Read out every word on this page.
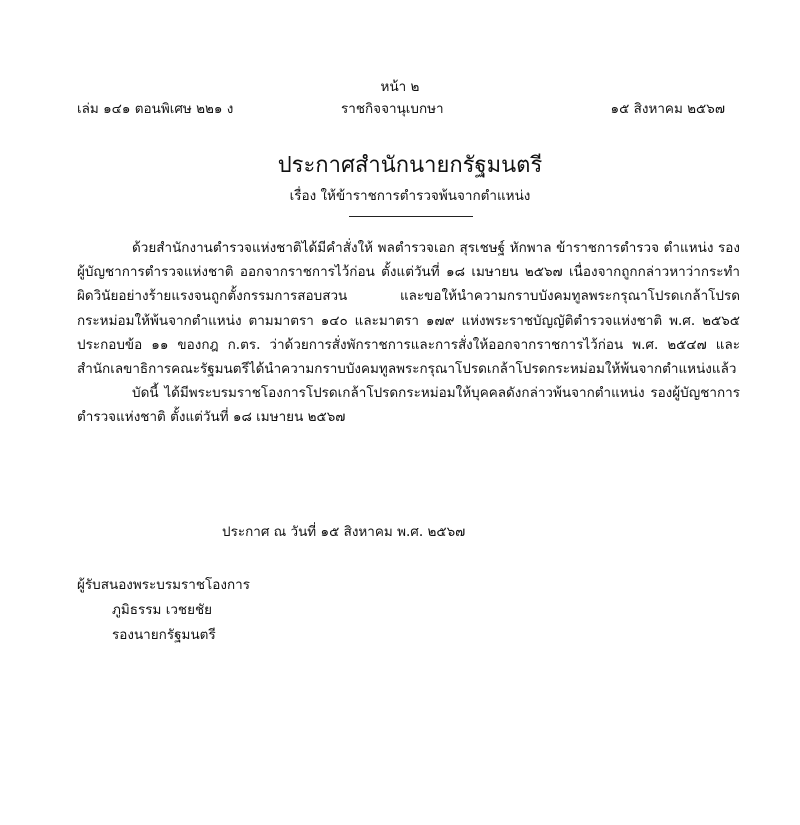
หน้า ๒
เล่ม ๑๔๑ ตอนพิเศษ ๒๒๑ ง	ราชกิจจานุเบกษา	๑๕ สิงหาคม ๒๕๖๗
ประกาศสำนักนายกรัฐมนตรี
เรื่อง ให้ข้าราชการตำรวจพ้นจากตำแหน่ง
ด้วยสำนักงานตำรวจแห่งชาติได้มีคำสั่งให้ พลตำรวจเอก สุรเชษฐ์ หักพาล ข้าราชการตำรวจ ตำแหน่ง รองผู้บัญชาการตำรวจแห่งชาติ ออกจากราชการไว้ก่อน ตั้งแต่วันที่ ๑๘ เมษายน ๒๕๖๗ เนื่องจากถูกกล่าวหาว่ากระทำผิดวินัยอย่างร้ายแรงจนถูกตั้งกรรมการสอบสวน และขอให้นำความกราบบังคมทูลพระกรุณาโปรดเกล้าโปรดกระหม่อมให้พ้นจากตำแหน่ง ตามมาตรา ๑๔๐ และมาตรา ๑๗๙ แห่งพระราชบัญญัติตำรวจแห่งชาติ พ.ศ. ๒๕๖๕ ประกอบข้อ ๑๑ ของกฎ ก.ตร. ว่าด้วยการสั่งพักราชการและการสั่งให้ออกจากราชการไว้ก่อน พ.ศ. ๒๕๔๗ และสำนักเลขาธิการคณะรัฐมนตรีได้นำความกราบบังคมทูลพระกรุณาโปรดเกล้าโปรดกระหม่อมให้พ้นจากตำแหน่งแล้ว
บัดนี้ ได้มีพระบรมราชโองการโปรดเกล้าโปรดกระหม่อมให้บุคคลดังกล่าวพ้นจากตำแหน่ง รองผู้บัญชาการตำรวจแห่งชาติ ตั้งแต่วันที่ ๑๘ เมษายน ๒๕๖๗
ประกาศ ณ วันที่ ๑๕ สิงหาคม พ.ศ. ๒๕๖๗
ผู้รับสนองพระบรมราชโองการ
ภูมิธรรม เวชยชัย
รองนายกรัฐมนตรี
